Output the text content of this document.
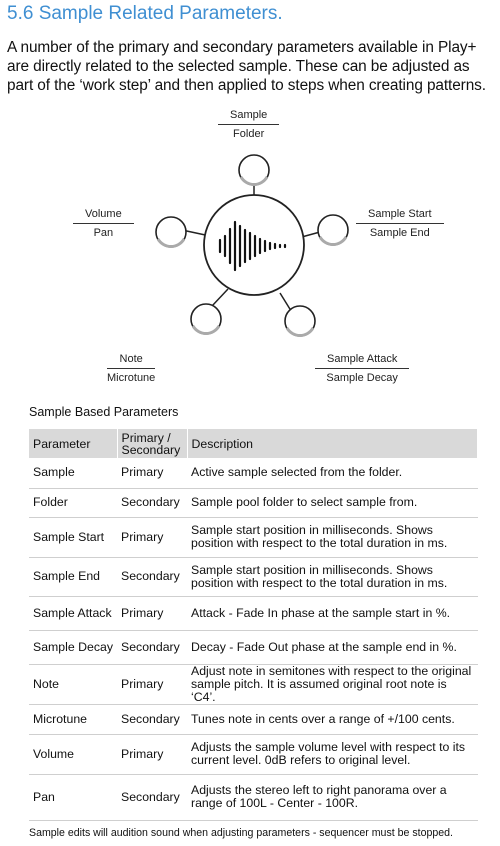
5.6 Sample Related Parameters.

A number of the primary and secondary parameters available in Play+ are directly related to the selected sample. These can be adjusted as part of the ‘work step’ and then applied to steps when creating patterns.

Sample
Folder
Sample Start
Sample End
Sample Attack
Sample Decay
Note
Microtune
Volume
Pan
Sample Based Parameters
Parameter	Primary / Secondary	Description
Sample	Primary	Active sample selected from the folder.
Folder	Secondary	Sample pool folder to select sample from.
Sample Start	Primary	Sample start position in milliseconds. Shows position with respect to the total duration in ms.
Sample End	Secondary	Sample start position in milliseconds. Shows position with respect to the total duration in ms.
Sample Attack	Primary	Attack - Fade In phase at the sample start in %.
Sample Decay	Secondary	Decay - Fade Out phase at the sample end in %.
Note	Primary	Adjust note in semitones with respect to the original sample pitch. It is assumed original root note is ‘C4’.
Microtune	Secondary	Tunes note in cents over a range of +/100 cents.
Volume	Primary	Adjusts the sample volume level with respect to its current level. 0dB refers to original level.
Pan	Secondary	Adjusts the stereo left to right panorama over a range of 100L - Center - 100R.

Sample edits will audition sound when adjusting parameters - sequencer must be stopped.
